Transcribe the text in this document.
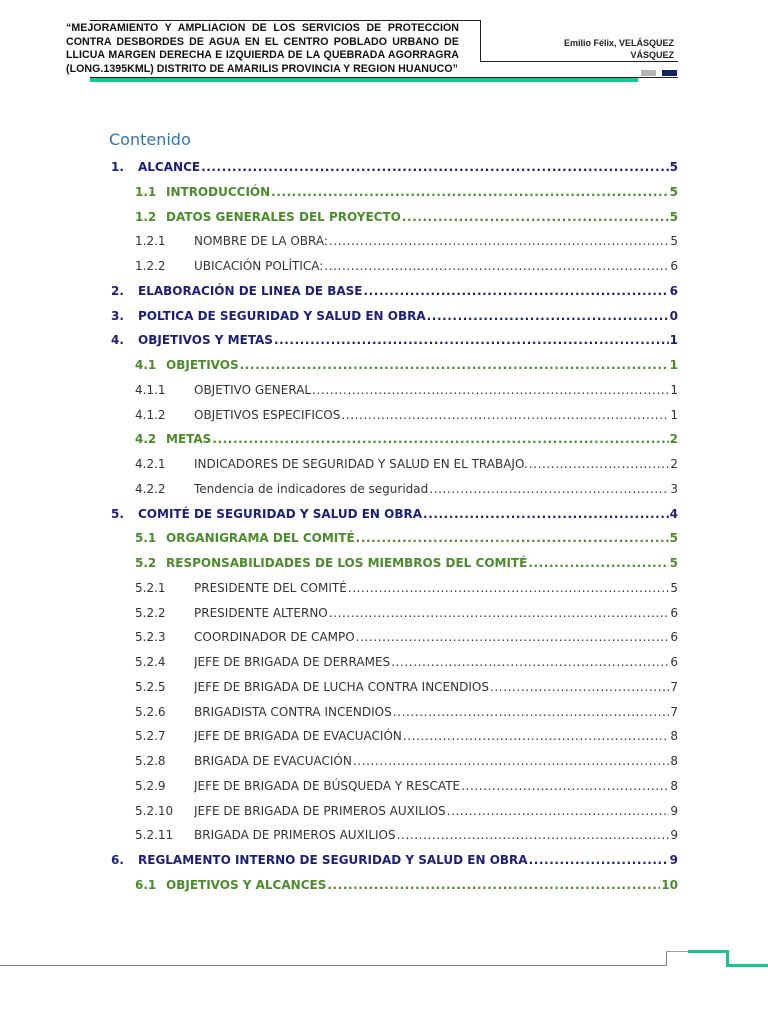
“MEJORAMIENTO Y AMPLIACION DE LOS SERVICIOS DE PROTECCION
CONTRA DESBORDES DE AGUA EN EL CENTRO POBLADO URBANO DE
LLICUA MARGEN DERECHA E IZQUIERDA DE LA QUEBRADA AGORRAGRA
(LONG.1395KML) DISTRITO DE AMARILIS PROVINCIA Y REGION HUANUCO”
Emilio Félix, VELÁSQUEZ
VÁSQUEZ
Contenido
1. ALCANCE .....	5
1.1 INTRODUCCIÓN .....	5
1.2 DATOS GENERALES DEL PROYECTO .....	5
1.2.1 NOMBRE DE LA OBRA: .....	5
1.2.2 UBICACIÓN POLÍTICA: .....	6
2. ELABORACIÓN DE LINEA DE BASE .....	6
3. POLTICA DE SEGURIDAD Y SALUD EN OBRA .....	0
4. OBJETIVOS Y METAS .....	1
4.1 OBJETIVOS .....	1
4.1.1 OBJETIVO GENERAL .....	1
4.1.2 OBJETIVOS ESPECIFICOS .....	1
4.2 METAS .....	2
4.2.1 INDICADORES DE SEGURIDAD Y SALUD EN EL TRABAJO. .....	2
4.2.2 Tendencia de indicadores de seguridad .....	3
5. COMITÉ DE SEGURIDAD Y SALUD EN OBRA .....	4
5.1 ORGANIGRAMA DEL COMITÉ .....	5
5.2 RESPONSABILIDADES DE LOS MIEMBROS DEL COMITÉ .....	5
5.2.1 PRESIDENTE DEL COMITÉ .....	5
5.2.2 PRESIDENTE ALTERNO .....	6
5.2.3 COORDINADOR DE CAMPO .....	6
5.2.4 JEFE DE BRIGADA DE DERRAMES .....	6
5.2.5 JEFE DE BRIGADA DE LUCHA CONTRA INCENDIOS .....	7
5.2.6 BRIGADISTA CONTRA INCENDIOS .....	7
5.2.7 JEFE DE BRIGADA DE EVACUACIÓN .....	8
5.2.8 BRIGADA DE EVACUACIÓN .....	8
5.2.9 JEFE DE BRIGADA DE BÚSQUEDA Y RESCATE .....	8
5.2.10 JEFE DE BRIGADA DE PRIMEROS AUXILIOS .....	9
5.2.11 BRIGADA DE PRIMEROS AUXILIOS .....	9
6. REGLAMENTO INTERNO DE SEGURIDAD Y SALUD EN OBRA .....	9
6.1 OBJETIVOS Y ALCANCES .....	10
